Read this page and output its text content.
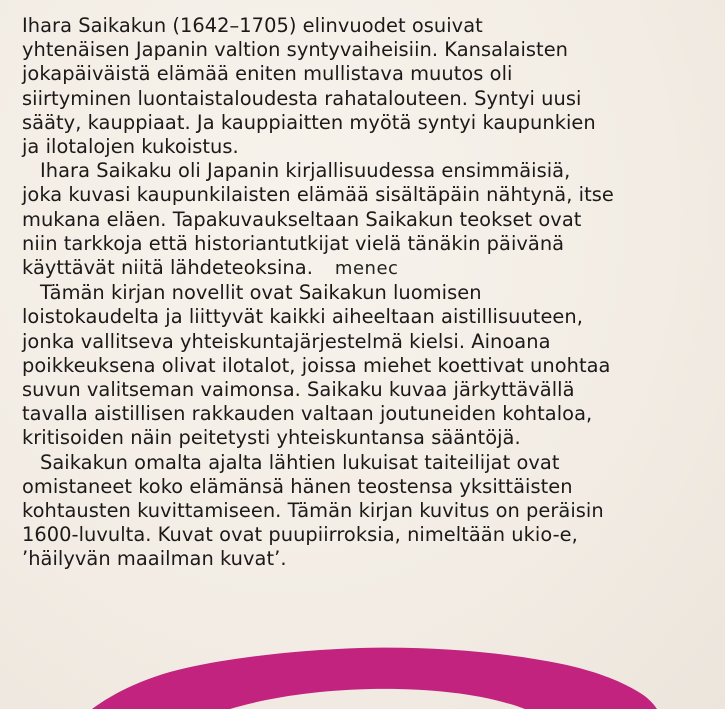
Ihara Saikakun (1642–1705) elinvuodet osuivat
yhtenäisen Japanin valtion syntyvaiheisiin. Kansalaisten
jokapäiväistä elämää eniten mullistava muutos oli
siirtyminen luontaistaloudesta rahatalouteen. Syntyi uusi
sääty, kauppiaat. Ja kauppiaitten myötä syntyi kaupunkien
ja ilotalojen kukoistus.

Ihara Saikaku oli Japanin kirjallisuudessa ensimmäisiä,
joka kuvasi kaupunkilaisten elämää sisältäpäin nähtynä, itse
mukana eläen. Tapakuvaukseltaan Saikakun teokset ovat
niin tarkkoja että historiantutkijat vielä tänäkin päivänä
käyttävät niitä lähdeteoksina. menec

Tämän kirjan novellit ovat Saikakun luomisen
loistokaudelta ja liittyvät kaikki aiheeltaan aistillisuuteen,
jonka vallitseva yhteiskuntajärjestelmä kielsi. Ainoana
poikkeuksena olivat ilotalot, joissa miehet koettivat unohtaa
suvun valitseman vaimonsa. Saikaku kuvaa järkyttävällä
tavalla aistillisen rakkauden valtaan joutuneiden kohtaloa,
kritisoiden näin peitetysti yhteiskuntansa sääntöjä.

Saikakun omalta ajalta lähtien lukuisat taiteilijat ovat
omistaneet koko elämänsä hänen teostensa yksittäisten
kohtausten kuvittamiseen. Tämän kirjan kuvitus on peräisin
1600-luvulta. Kuvat ovat puupiirroksia, nimeltään ukio-e,
’häilyvän maailman kuvat’.
